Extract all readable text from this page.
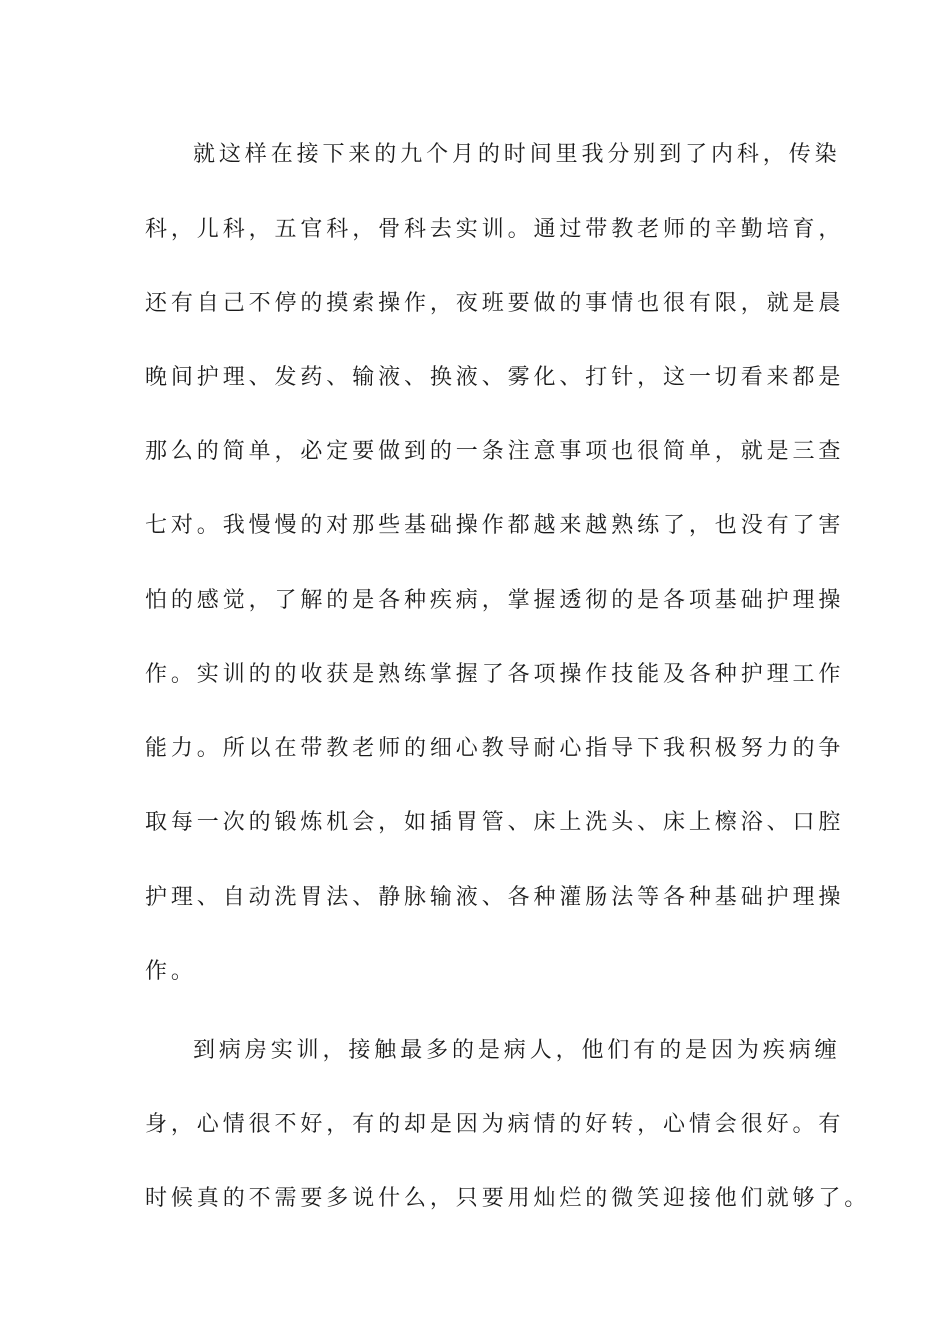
就这样在接下来的九个月的时间里我分别到了内科，传染
科，儿科，五官科，骨科去实训。通过带教老师的辛勤培育，
还有自己不停的摸索操作，夜班要做的事情也很有限，就是晨
晚间护理、发药、输液、换液、雾化、打针，这一切看来都是
那么的简单，必定要做到的一条注意事项也很简单，就是三查
七对。我慢慢的对那些基础操作都越来越熟练了，也没有了害
怕的感觉，了解的是各种疾病，掌握透彻的是各项基础护理操
作。实训的的收获是熟练掌握了各项操作技能及各种护理工作
能力。所以在带教老师的细心教导耐心指导下我积极努力的争
取每一次的锻炼机会，如插胃管、床上洗头、床上檫浴、口腔
护理、自动洗胃法、静脉输液、各种灌肠法等各种基础护理操
作。
到病房实训，接触最多的是病人，他们有的是因为疾病缠
身，心情很不好，有的却是因为病情的好转，心情会很好。有
时候真的不需要多说什么，只要用灿烂的微笑迎接他们就够了。
